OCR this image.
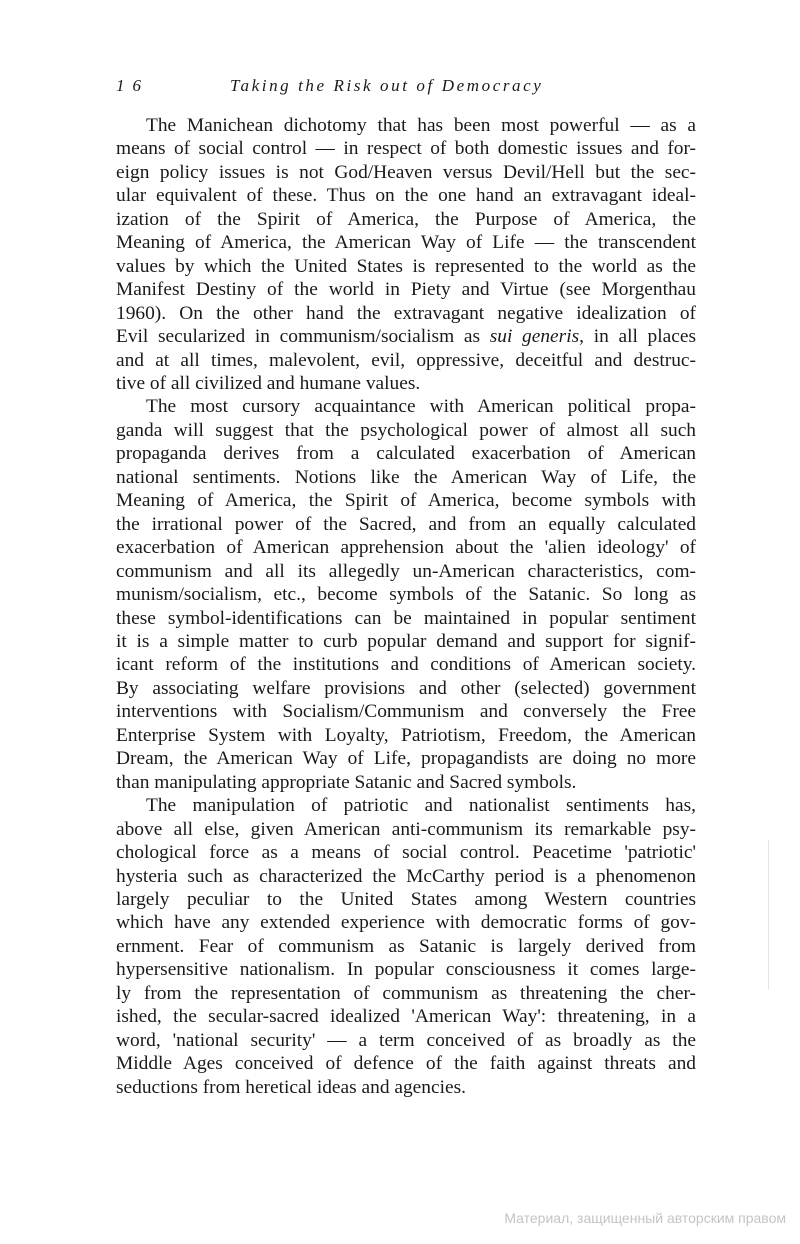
16	Taking the Risk out of Democracy
The Manichean dichotomy that has been most powerful — as a
means of social control — in respect of both domestic issues and for-
eign policy issues is not God/Heaven versus Devil/Hell but the sec-
ular equivalent of these. Thus on the one hand an extravagant ideal-
ization of the Spirit of America, the Purpose of America, the
Meaning of America, the American Way of Life — the transcendent
values by which the United States is represented to the world as the
Manifest Destiny of the world in Piety and Virtue (see Morgenthau
1960). On the other hand the extravagant negative idealization of
Evil secularized in communism/socialism as sui generis, in all places
and at all times, malevolent, evil, oppressive, deceitful and destruc-
tive of all civilized and humane values.
The most cursory acquaintance with American political propa-
ganda will suggest that the psychological power of almost all such
propaganda derives from a calculated exacerbation of American
national sentiments. Notions like the American Way of Life, the
Meaning of America, the Spirit of America, become symbols with
the irrational power of the Sacred, and from an equally calculated
exacerbation of American apprehension about the 'alien ideology' of
communism and all its allegedly un-American characteristics, com-
munism/socialism, etc., become symbols of the Satanic. So long as
these symbol-identifications can be maintained in popular sentiment
it is a simple matter to curb popular demand and support for signif-
icant reform of the institutions and conditions of American society.
By associating welfare provisions and other (selected) government
interventions with Socialism/Communism and conversely the Free
Enterprise System with Loyalty, Patriotism, Freedom, the American
Dream, the American Way of Life, propagandists are doing no more
than manipulating appropriate Satanic and Sacred symbols.
The manipulation of patriotic and nationalist sentiments has,
above all else, given American anti-communism its remarkable psy-
chological force as a means of social control. Peacetime 'patriotic'
hysteria such as characterized the McCarthy period is a phenomenon
largely peculiar to the United States among Western countries
which have any extended experience with democratic forms of gov-
ernment. Fear of communism as Satanic is largely derived from
hypersensitive nationalism. In popular consciousness it comes large-
ly from the representation of communism as threatening the cher-
ished, the secular-sacred idealized 'American Way': threatening, in a
word, 'national security' — a term conceived of as broadly as the
Middle Ages conceived of defence of the faith against threats and
seductions from heretical ideas and agencies.
Материал, защищенный авторским правом
